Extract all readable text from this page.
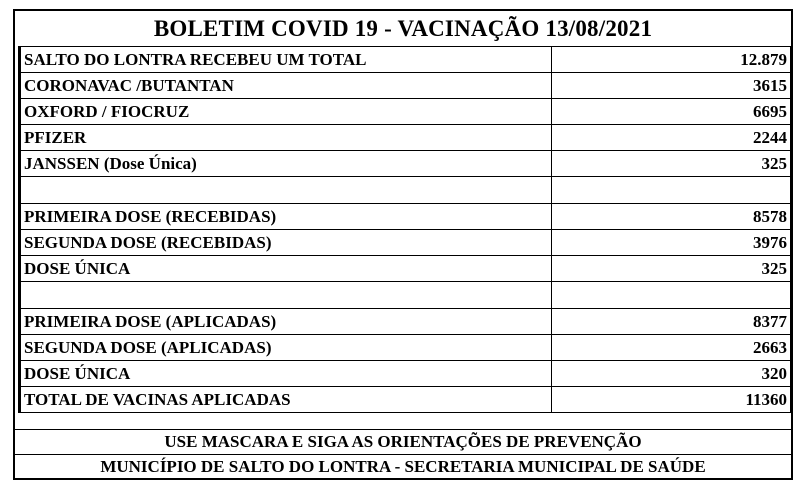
BOLETIM COVID 19 - VACINAÇÃO 13/08/2021
SALTO DO LONTRA RECEBEU UM TOTAL	12.879
CORONAVAC /BUTANTAN	3615
OXFORD / FIOCRUZ	6695
PFIZER	2244
JANSSEN (Dose Única)	325

PRIMEIRA DOSE (RECEBIDAS)	8578
SEGUNDA DOSE (RECEBIDAS)	3976
DOSE ÚNICA	325

PRIMEIRA DOSE (APLICADAS)	8377
SEGUNDA DOSE (APLICADAS)	2663
DOSE ÚNICA	320
TOTAL DE VACINAS APLICADAS	11360
USE MASCARA E SIGA AS ORIENTAÇÕES DE PREVENÇÃO
MUNICÍPIO DE SALTO DO LONTRA - SECRETARIA MUNICIPAL DE SAÚDE
